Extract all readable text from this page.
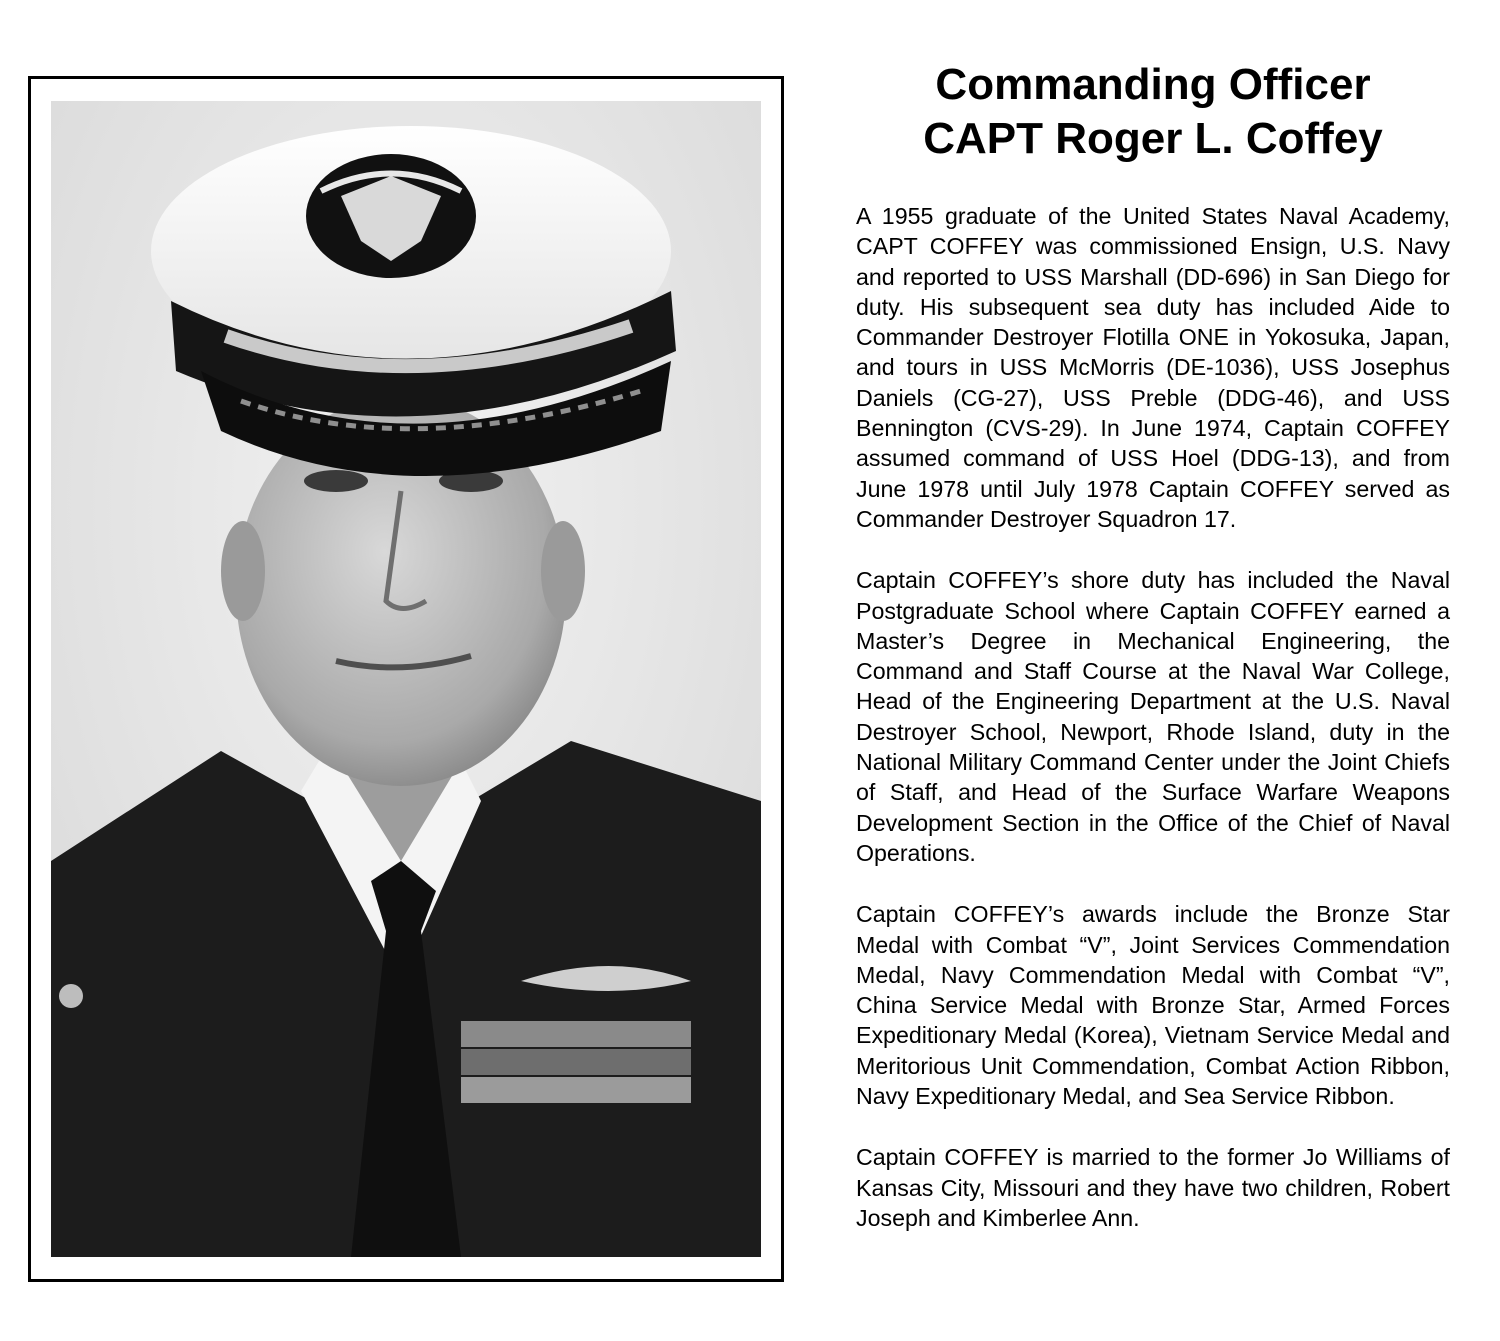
Commanding Officer
CAPT Roger L. Coffey

A 1955 graduate of the United States Naval Academy, CAPT COFFEY was commissioned Ensign, U.S. Navy and reported to USS Marshall (DD-696) in San Diego for duty. His subsequent sea duty has included Aide to Commander Destroyer Flotilla ONE in Yokosuka, Japan, and tours in USS McMorris (DE-1036), USS Josephus Daniels (CG-27), USS Preble (DDG-46), and USS Bennington (CVS-29). In June 1974, Captain COFFEY assumed command of USS Hoel (DDG-13), and from June 1978 until July 1978 Captain COFFEY served as Commander Destroyer Squadron 17.

Captain COFFEY’s shore duty has included the Naval Postgraduate School where Captain COFFEY earned a Master’s Degree in Mechanical Engineering, the Command and Staff Course at the Naval War College, Head of the Engineering Department at the U.S. Naval Destroyer School, Newport, Rhode Island, duty in the National Military Command Center under the Joint Chiefs of Staff, and Head of the Surface Warfare Weapons Development Section in the Office of the Chief of Naval Operations.

Captain COFFEY’s awards include the Bronze Star Medal with Combat “V”, Joint Services Commendation Medal, Navy Commendation Medal with Combat “V”, China Service Medal with Bronze Star, Armed Forces Expeditionary Medal (Korea), Vietnam Service Medal and Meritorious Unit Commendation, Combat Action Ribbon, Navy Expeditionary Medal, and Sea Service Ribbon.

Captain COFFEY is married to the former Jo Williams of Kansas City, Missouri and they have two children, Robert Joseph and Kimberlee Ann.
